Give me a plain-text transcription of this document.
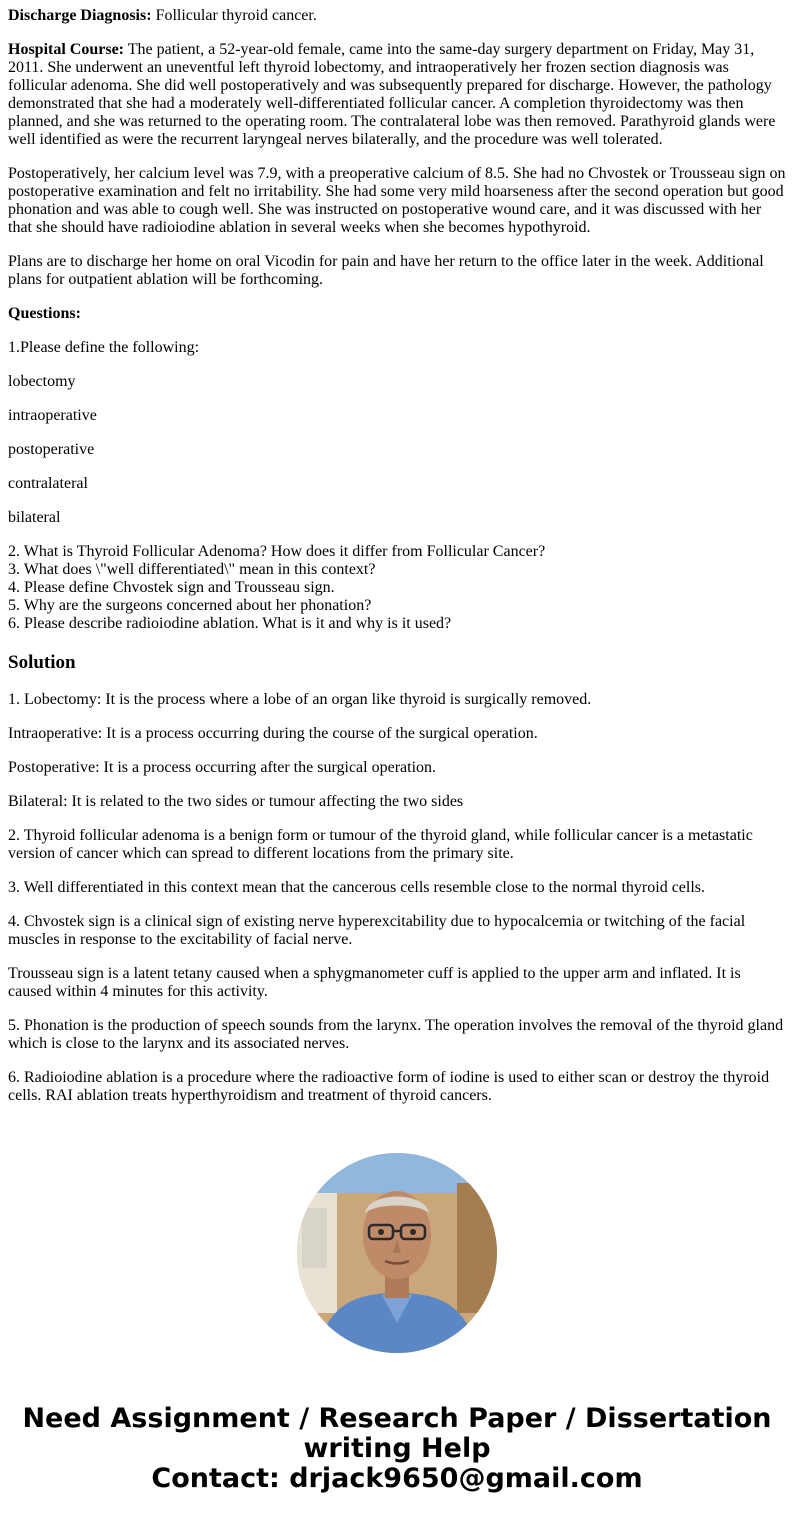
Discharge Diagnosis: Follicular thyroid cancer.

Hospital Course: The patient, a 52-year-old female, came into the same-day surgery department on Friday, May 31, 2011. She underwent an uneventful left thyroid lobectomy, and intraoperatively her frozen section diagnosis was follicular adenoma. She did well postoperatively and was subsequently prepared for discharge. However, the pathology demonstrated that she had a moderately well-differentiated follicular cancer. A completion thyroidectomy was then planned, and she was returned to the operating room. The contralateral lobe was then removed. Parathyroid glands were well identified as were the recurrent laryngeal nerves bilaterally, and the procedure was well tolerated.

Postoperatively, her calcium level was 7.9, with a preoperative calcium of 8.5. She had no Chvostek or Trousseau sign on postoperative examination and felt no irritability. She had some very mild hoarseness after the second operation but good phonation and was able to cough well. She was instructed on postoperative wound care, and it was discussed with her that she should have radioiodine ablation in several weeks when she becomes hypothyroid.

Plans are to discharge her home on oral Vicodin for pain and have her return to the office later in the week. Additional plans for outpatient ablation will be forthcoming.

Questions:

1.Please define the following:

lobectomy

intraoperative

postoperative

contralateral

bilateral

2. What is Thyroid Follicular Adenoma? How does it differ from Follicular Cancer?

3. What does \"well differentiated\" mean in this context?

4. Please define Chvostek sign and Trousseau sign.

5. Why are the surgeons concerned about her phonation?

6. Please describe radioiodine ablation. What is it and why is it used?

Solution

1. Lobectomy: It is the process where a lobe of an organ like thyroid is surgically removed.

Intraoperative: It is a process occurring during the course of the surgical operation.

Postoperative: It is a process occurring after the surgical operation.

Bilateral: It is related to the two sides or tumour affecting the two sides

2. Thyroid follicular adenoma is a benign form or tumour of the thyroid gland, while follicular cancer is a metastatic version of cancer which can spread to different locations from the primary site.

3. Well differentiated in this context mean that the cancerous cells resemble close to the normal thyroid cells.

4. Chvostek sign is a clinical sign of existing nerve hyperexcitability due to hypocalcemia or twitching of the facial muscles in response to the excitability of facial nerve.

Trousseau sign is a latent tetany caused when a sphygmanometer cuff is applied to the upper arm and inflated. It is caused within 4 minutes for this activity.

5. Phonation is the production of speech sounds from the larynx. The operation involves the removal of the thyroid gland which is close to the larynx and its associated nerves.

6. Radioiodine ablation is a procedure where the radioactive form of iodine is used to either scan or destroy the thyroid cells. RAI ablation treats hyperthyroidism and treatment of thyroid cancers.

Need Assignment / Research Paper / Dissertation
writing Help
Contact: drjack9650@gmail.com
